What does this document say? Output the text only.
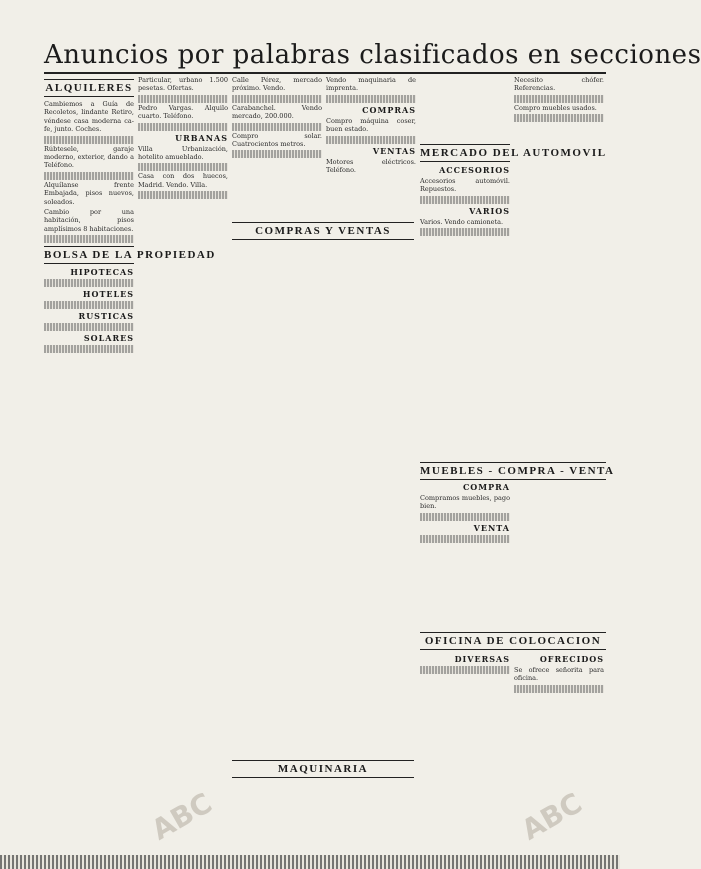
Anuncios por palabras clasificados en secciones
ALQUILERES
Cambiemos a Guía de Recoletos, lindante Retiro, véndese casa moderna ca-fe, junto. Coches.
Rúbtesele, garaje moderno, exterior, dando a Teléfono.
Alquílanse frente Embajada, pisos nuevos, soleados.
Cambio por una habitación, pisos amplísimos 8 habitaciones.
BOLSA DE LA PROPIEDAD
HIPOTECAS
HOTELES
RUSTICAS
SOLARES
Particular, urbano 1.500 pesetas. Ofertas.
Pedro Vargas. Alquilo cuarto. Teléfono.
URBANAS
Villa Urbanización, hotelito amueblado.
Casa con dos huecos, Madrid. Vendo. Villa.
Calle Pérez, mercado próximo. Vendo.
Carabanchel. Vendo mercado, 200.000.
Compro solar. Cuatrocientos metros.
COMPRAS Y VENTAS
Vendo maquinaria de imprenta.
COMPRAS
Compro máquina coser, buen estado.
VENTAS
Motores eléctricos. Teléfono.
MAQUINARIA
MERCADO DEL AUTOMOVIL
ACCESORIOS
Accesorios automóvil. Repuestos.
VARIOS
Varios. Vendo camioneta.
MUEBLES - COMPRA - VENTA
COMPRA
Compramos muebles, pago bien.
VENTA
OFICINA DE COLOCACION
DIVERSAS
Necesito chófer. Referencias.
Compro muebles usados.
OFRECIDOS
Se ofrece señorita para oficina.
ABC	ABC
